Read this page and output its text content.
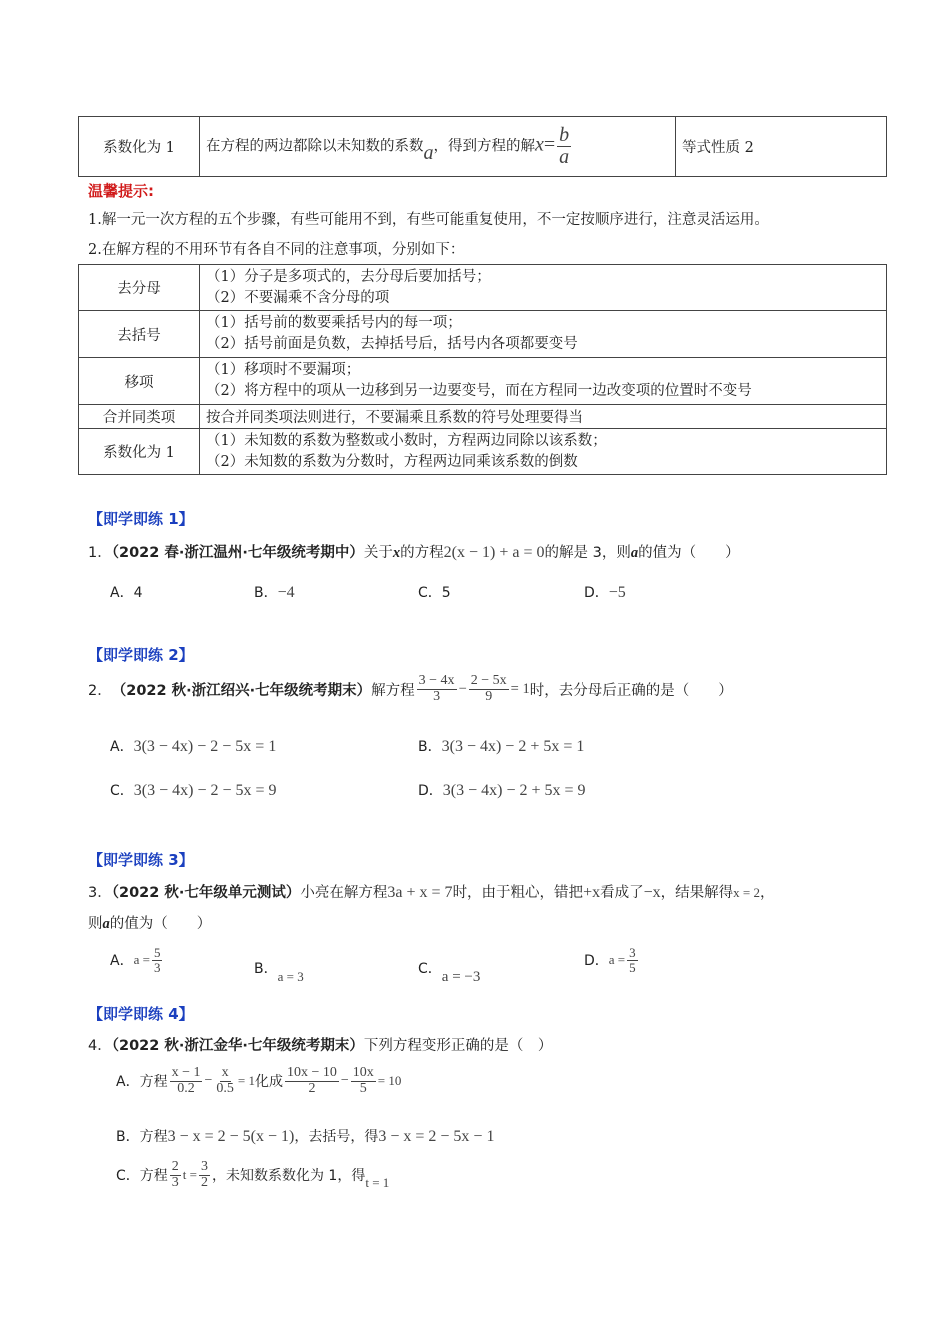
系数化为 1	在方程的两边都除以未知数的系数a，得到方程的解$x= \frac{b}{a}$	等式性质 2
温馨提示:
1.解一元一次方程的五个步骤，有些可能用不到，有些可能重复使用，不一定按顺序进行，注意灵活运用。
2.在解方程的不用环节有各自不同的注意事项，分别如下：
去分母	（1）分子是多项式的，去分母后要加括号；
（2）不要漏乘不含分母的项

去括号	（1）括号前的数要乘括号内的每一项；
（2）括号前面是负数，去掉括号后，括号内各项都要变号

移项	（1）移项时不要漏项；
（2）将方程中的项从一边移到另一边要变号，而在方程同一边改变项的位置时不变号

合并同类项	按合并同类项法则进行，不要漏乘且系数的符号处理要得当
系数化为 1	（1）未知数的系数为整数或小数时，方程两边同除以该系数；
（2）未知数的系数为分数时，方程两边同乘该系数的倒数
【即学即练 1】
1．（2022 春·浙江温州·七年级统考期中）关于x的方程2(x − 1) + a = 0的解是 3，则a的值为（　　）
A．4	B．−4	C．5	D．−5
【即学即练 2】
2． （2022 秋·浙江绍兴·七年级统考期末） 解方程 $\frac{3 - 4x}{3} - \frac{2 - 5x}{9} = 1$ 时，去分母后正确的是（　　）
A．3(3 − 4x) − 2 − 5x = 1	B．3(3 − 4x) − 2 + 5x = 1
C．3(3 − 4x) − 2 − 5x = 9	D．3(3 − 4x) − 2 + 5x = 9
【即学即练 3】
3．（2022 秋·七年级单元测试）小亮在解方程3a + x = 7时，由于粗心，错把+x看成了−x，结果解得x = 2，
则a的值为（　　）
A． $a = \frac{5}{3}$	B．a = 3	C．a = −3
D． $a = \frac{3}{5}$
【即学即练 4】
4．（2022 秋·浙江金华·七年级统考期末）下列方程变形正确的是（　）
A． 方程 $\frac{x - 1}{0.2} - \frac{x}{0.5} = 1$ 化成 $\frac{10x - 10}{2} - \frac{10x}{5} = 10$
B．方程3 − x = 2 − 5(x − 1)，去括号，得3 − x = 2 − 5x − 1
C． 方程 $\frac{2}{3}$ $t = \frac{3}{2}$ ，未知数系数化为 1，得 t = 1
